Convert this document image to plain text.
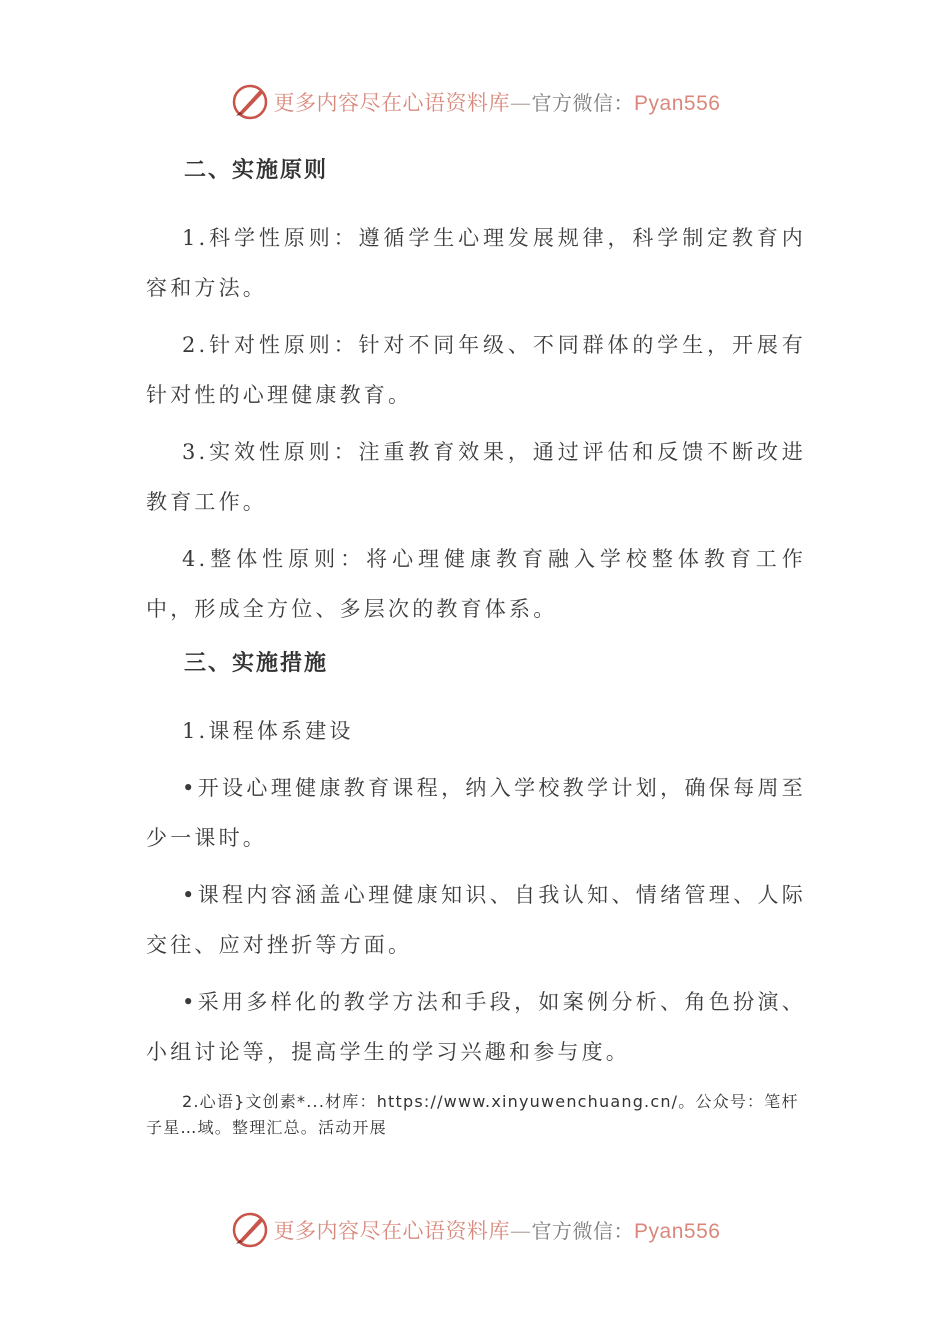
更多内容尽在心语资料库—官方微信：Pyan556
二、实施原则

1.科学性原则：遵循学生心理发展规律，科学制定教育内容和方法。

2.针对性原则：针对不同年级、不同群体的学生，开展有针对性的心理健康教育。

3.实效性原则：注重教育效果，通过评估和反馈不断改进教育工作。

4.整体性原则：将心理健康教育融入学校整体教育工作中，形成全方位、多层次的教育体系。

三、实施措施

1.课程体系建设

•开设心理健康教育课程，纳入学校教学计划，确保每周至少一课时。

•课程内容涵盖心理健康知识、自我认知、情绪管理、人际交往、应对挫折等方面。

•采用多样化的教学方法和手段，如案例分析、角色扮演、小组讨论等，提高学生的学习兴趣和参与度。

2.心语}文创素*...材库：https://www.xinyuwenchuang.cn/。公众号：笔杆子星…域。整理汇总。活动开展
更多内容尽在心语资料库—官方微信：Pyan556
